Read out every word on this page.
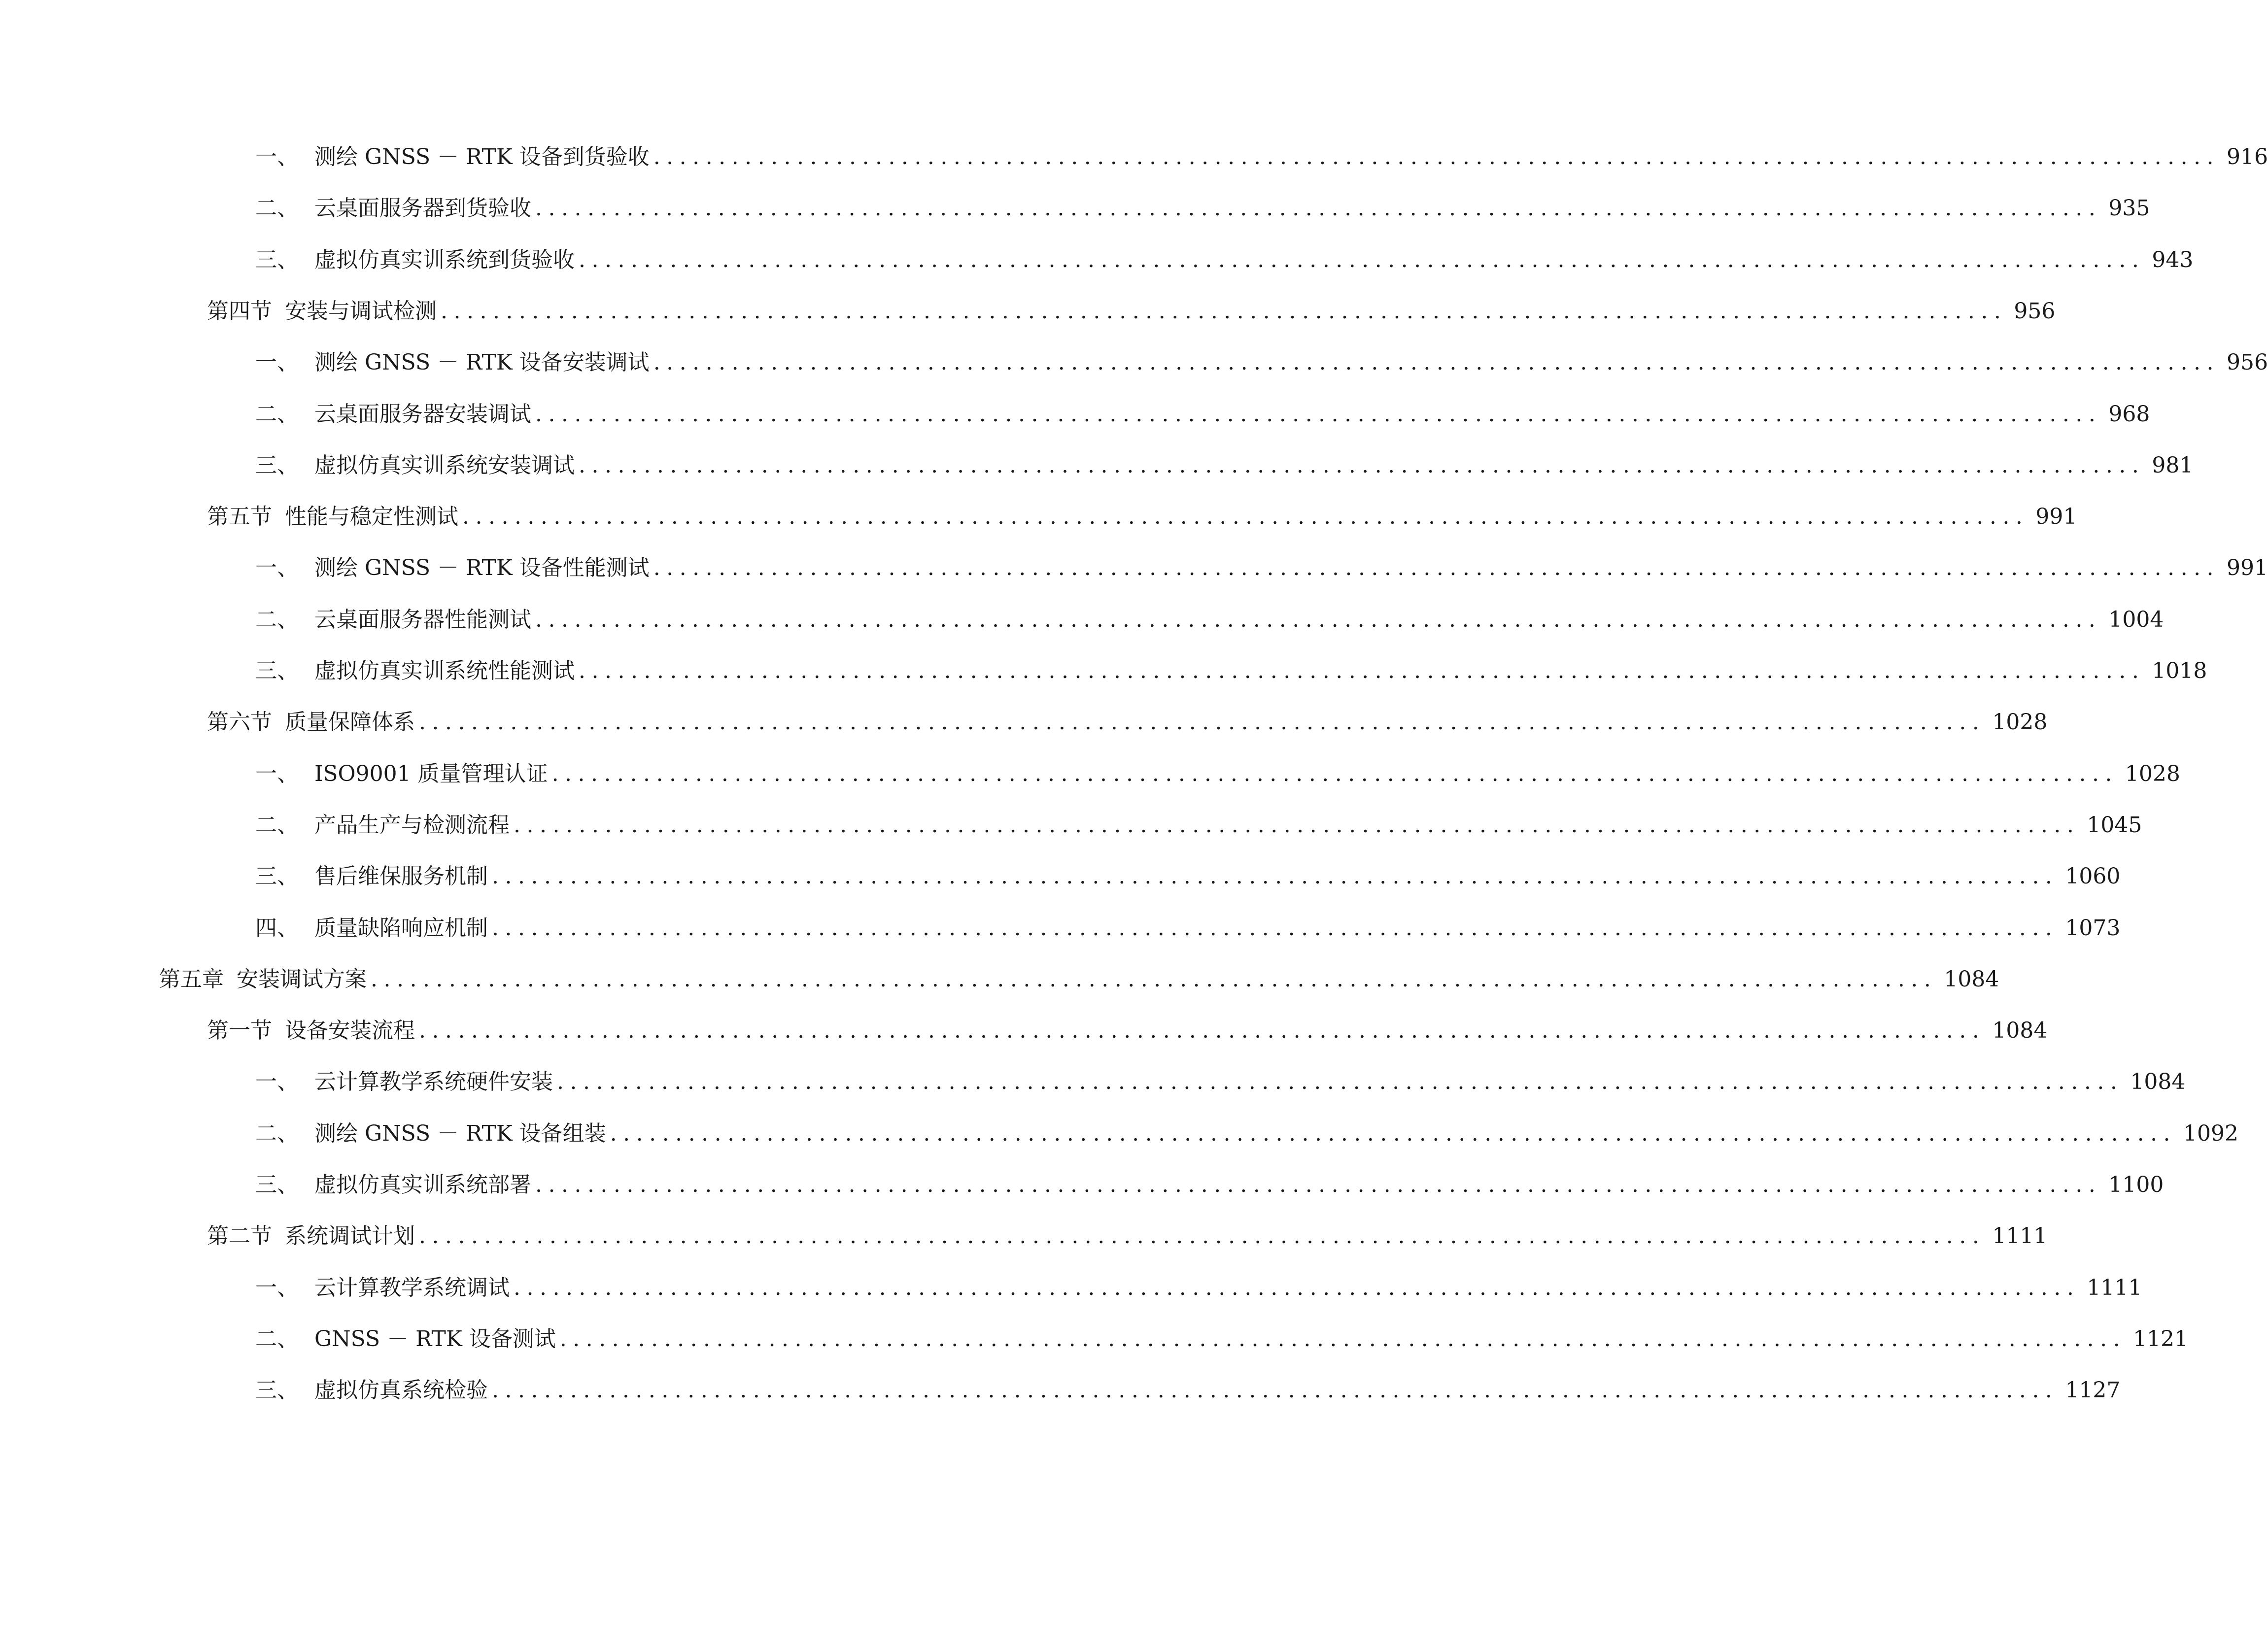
一、 测绘 GNSS － RTK 设备到货验收 ........................................................................................................................ 916
二、 云桌面服务器到货验收 ........................................................................................................................ 935
三、 虚拟仿真实训系统到货验收 ........................................................................................................................ 943
第四节 安装与调试检测 ........................................................................................................................ 956
一、 测绘 GNSS － RTK 设备安装调试 ........................................................................................................................ 956
二、 云桌面服务器安装调试 ........................................................................................................................ 968
三、 虚拟仿真实训系统安装调试 ........................................................................................................................ 981
第五节 性能与稳定性测试 ........................................................................................................................ 991
一、 测绘 GNSS － RTK 设备性能测试 ........................................................................................................................ 991
二、 云桌面服务器性能测试 ........................................................................................................................ 1004
三、 虚拟仿真实训系统性能测试 ........................................................................................................................ 1018
第六节 质量保障体系 ........................................................................................................................ 1028
一、 ISO9001 质量管理认证 ........................................................................................................................ 1028
二、 产品生产与检测流程 ........................................................................................................................ 1045
三、 售后维保服务机制 ........................................................................................................................ 1060
四、 质量缺陷响应机制 ........................................................................................................................ 1073
第五章 安装调试方案 ........................................................................................................................ 1084
第一节 设备安装流程 ........................................................................................................................ 1084
一、 云计算教学系统硬件安装 ........................................................................................................................ 1084
二、 测绘 GNSS － RTK 设备组装 ........................................................................................................................ 1092
三、 虚拟仿真实训系统部署 ........................................................................................................................ 1100
第二节 系统调试计划 ........................................................................................................................ 1111
一、 云计算教学系统调试 ........................................................................................................................ 1111
二、 GNSS － RTK 设备测试 ........................................................................................................................ 1121
三、 虚拟仿真系统检验 ........................................................................................................................ 1127
